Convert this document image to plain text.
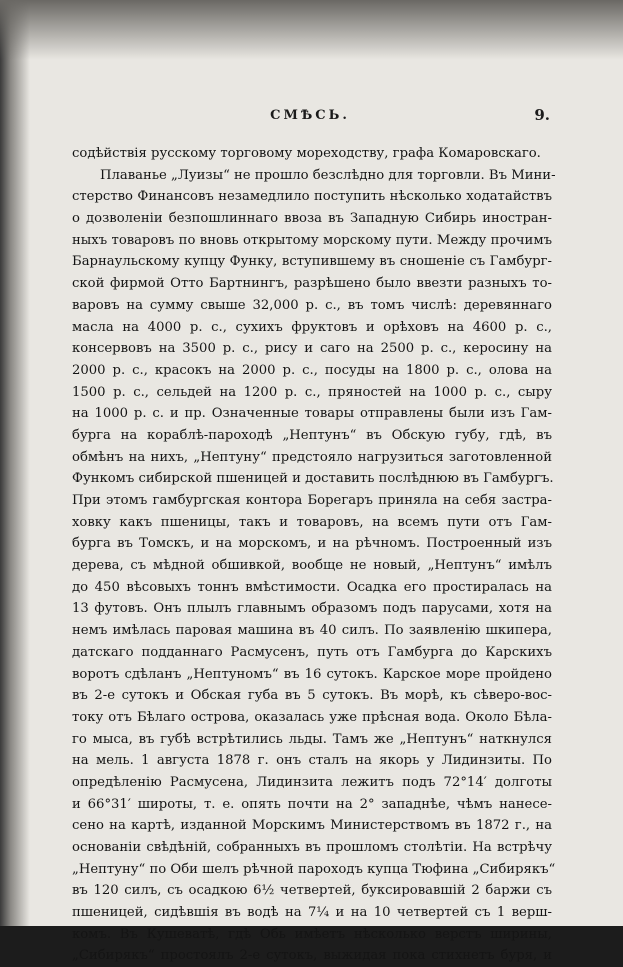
СМѢСЬ.	9.
содѣйствія русскому торговому мореходству, графа Комаровскаго.
Плаванье „Луизы“ не прошло безслѣдно для торговли. Въ Мини-
стерство Финансовъ незамедлило поступить нѣсколько ходатайствъ
о дозволеніи безпошлиннаго ввоза въ Западную Сибирь иностран-
ныхъ товаровъ по вновь открытому морскому пути. Между прочимъ
Барнаульскому купцу Функу, вступившему въ сношеніе съ Гамбург-
ской фирмой Отто Бартнингъ, разрѣшено было ввезти разныхъ то-
варовъ на сумму свыше 32,000 р. с., въ томъ числѣ: деревяннаго
масла на 4000 р. с., сухихъ фруктовъ и орѣховъ на 4600 р. с.,
консервовъ на 3500 р. с., рису и саго на 2500 р. с., керосину на
2000 р. с., красокъ на 2000 р. с., посуды на 1800 р. с., олова на
1500 р. с., сельдей на 1200 р. с., пряностей на 1000 р. с., сыру
на 1000 р. с. и пр. Означенные товары отправлены были изъ Гам-
бурга на кораблѣ-пароходѣ „Нептунъ“ въ Обскую губу, гдѣ, въ
обмѣнъ на нихъ, „Нептуну“ предстояло нагрузиться заготовленной
Функомъ сибирской пшеницей и доставить послѣднюю въ Гамбургъ.
При этомъ гамбургская контора Борегаръ приняла на себя застра-
ховку какъ пшеницы, такъ и товаровъ, на всемъ пути отъ Гам-
бурга въ Томскъ, и на морскомъ, и на рѣчномъ. Построенный изъ
дерева, съ мѣдной обшивкой, вообще не новый, „Нептунъ“ имѣлъ
до 450 вѣсовыхъ тоннъ вмѣстимости. Осадка его простиралась на
13 футовъ. Онъ плылъ главнымъ образомъ подъ парусами, хотя на
немъ имѣлась паровая машина въ 40 силъ. По заявленію шкипера,
датскаго подданнаго Расмусенъ, путь отъ Гамбурга до Карскихъ
воротъ сдѣланъ „Нептуномъ“ въ 16 сутокъ. Карское море пройдено
въ 2-е сутокъ и Обская губа въ 5 сутокъ. Въ морѣ, къ сѣверо-вос-
току отъ Бѣлаго острова, оказалась уже прѣсная вода. Около Бѣла-
го мыса, въ губѣ встрѣтились льды. Тамъ же „Нептунъ“ наткнулся
на мель. 1 августа 1878 г. онъ сталъ на якорь у Лидинзиты. По
опредѣленію Расмусена, Лидинзита лежитъ подъ 72°14′ долготы
и 66°31′ широты, т. е. опять почти на 2° западнѣе, чѣмъ нанесе-
сено на картѣ, изданной Морскимъ Министерствомъ въ 1872 г., на
основаніи свѣдѣній, собранныхъ въ прошломъ столѣтіи. На встрѣчу
„Нептуну“ по Оби шелъ рѣчной пароходъ купца Тюфина „Сибирякъ“
въ 120 силъ, съ осадкою 6½ четвертей, буксировавшій 2 баржи съ
пшеницей, сидѣвшія въ водѣ на 7¼ и на 10 четвертей съ 1 верш-
комъ. Въ Кушеватѣ, гдѣ Обь имѣетъ нѣсколько верстъ ширины,
„Сибирякъ“ простоялъ 2-е сутокъ, выжидая пока стихнетъ буря, и
